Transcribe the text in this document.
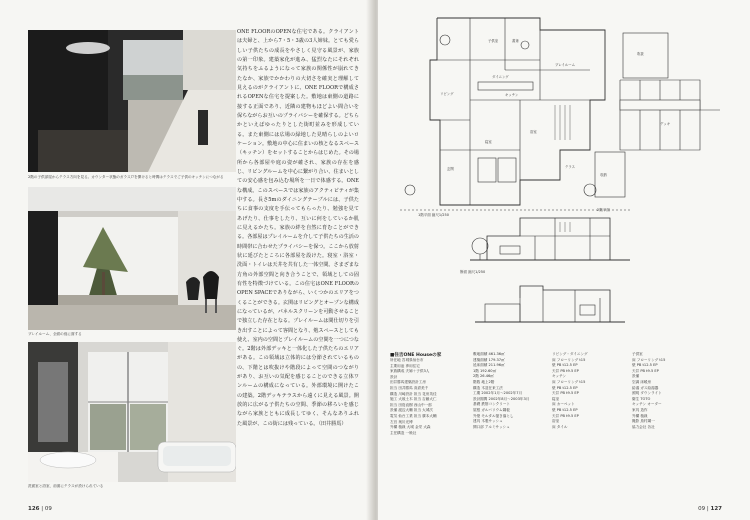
2階の子供部屋からテラス方向を見る。カウンター状態のガラス戸を開けると時間はテラスでご子供のキッチンにつながる
プレイルーム、全面の庭に面する
洗面室と浴室、前面にテラスが設けられている
ONE FLOORのOPENな住宅である。クライアントは夫婦と、上から7・5・3歳の3人姉妹。とても愛らしい子供たちの成長をやさしく見守る風景が、家族の第一印象。建築家化が進み、猛烈なたにそれぞれ気持ちをふるようになって家族の関係性が崩れてきたなか、家族でかかわりの大切さを確実と理解して見えるのがクライアントに、ONE FLOORで構成されるOPENな住宅を提案した。敷地は東側の道路に接する正面であり、近隣の建物もほどよい間合いを保ちながらお互いのプライバシーを確保する。どちらかといえばゆったりとした街町並みを形成している。また東側には広場の緑地した見晴らしのよいロケーション。敷地の中心に住まいの核となるスペース（キッチン）をセットすることからはじめた。その場所から各部屋や庭の姿が確され、家族の存在を感じ、リビングルームを中心に繋がり合い、住まいとしての安心感を包み込む場所を一日で体感する。ONEな構成。このスペースでは家族のアクティビティが集中する。長さ5mのダイニングテーブルには、子供たちに食事の支度を手伝ってもらったり、勉強を見てあげたり、仕事をしたり、互いに何をしているか肌に見えるかたち。家族の絆を自然に育むことができる。各部屋はプレイルームを介して子供たちの生活の時間帯に合わせたプライバシーを保つ。ここから放射状に延びたところに各部屋を設けた。寝室・浴室・洗面・トイレは天井を共有した一体空間。さまざまな方角の外部空間と向き合うことで、領域としての固有性を特徴づけている。この住宅はONE FLOORのOPEN SPACEでありながら、いくつかのエリアをつくることができる。玄関はリビングとオープンな構成になっているが、パネルスクリーンを可動させることで独立した存在となる。プレイルームは間仕切りを引き出すことによって客間となり、勉スペースとしても使え、室内の空間とプレイルームの空間を一つにつなぐ。2階は外部デッキと一体化した子供たちのエリアがある。この領域は立体的には分節されているものの、下階とは吹抜けや階段によって空間のつながりがあり、お互いの気配を感じることのできる立体ワンルームの構成になっている。外部環境に開けたこの建築。2階デッキテラスから遠くに見える風景。開放的に広がる子供たちの空間、季節の移ろいを感じながら家族とともに成長してゆく、そんなありふれた風景が、この街には残っている。（田井勝馬）
126 | 09
子供室	書斎
プレイルーム
ダイニング
リビング	キッチン
寝室
浴室
玄関	テラス
吹抜
デッキ
収納
1階平面 縮尺1/250
2階平面
断面 縮尺1/250
■住吉ONE Houseの家
所在地 宮城県仙台市
主要用途 専用住宅
家族構成 夫婦＋子供3人
設計
田井勝馬建築設計工房
担当 田井勝馬 高倉美千
構造 川崎設計 担当 花房英佳
施工 大坂土木 担当 吉藤大仁
担当 田島直樹 西山中一郎
設備 渡辺大輔 担当 大城次
電気 仙台工業 担当 廣本大輔
左官 奥川光博
外構 植栽 大城 金栄 大森
主任構造 一般社
敷地面積 461.36㎡
建築面積 179.37㎡
延床面積 211.96㎡
1階 192.60㎡
2階 26.46㎡
階数 地上2階
構造 木造在来工法
工期 2002年1月〜2002年7月
設計期間 2002年8月〜2003年3月
基礎 鉄筋コンクリート
屋根 ガルバリウム鋼板
外壁 モルタル掻き落とし
建具 木製サッシュ
開口部 アルミサッシュ
リビング・ダイニング
床 フローリング t15
壁 PB t12.5 EP
天井 PB t9.5 EP
キッチン
床 フローリング t15
壁 PB t12.5 EP
天井 PB t9.5 EP
寝室
床 カーペット
壁 PB t12.5 EP
天井 PB t9.5 EP
浴室
床 タイル
子供室
床 フローリング t15
壁 PB t12.5 EP
天井 PB t9.5 EP
設備
空調 床暖房
給湯 ガス給湯器
照明 ダウンライト
衛生 TOTO
キッチン オーダー
家具 造作
外構 植栽
撮影 鳥村鋼一
協力会社 各社
09 | 127
